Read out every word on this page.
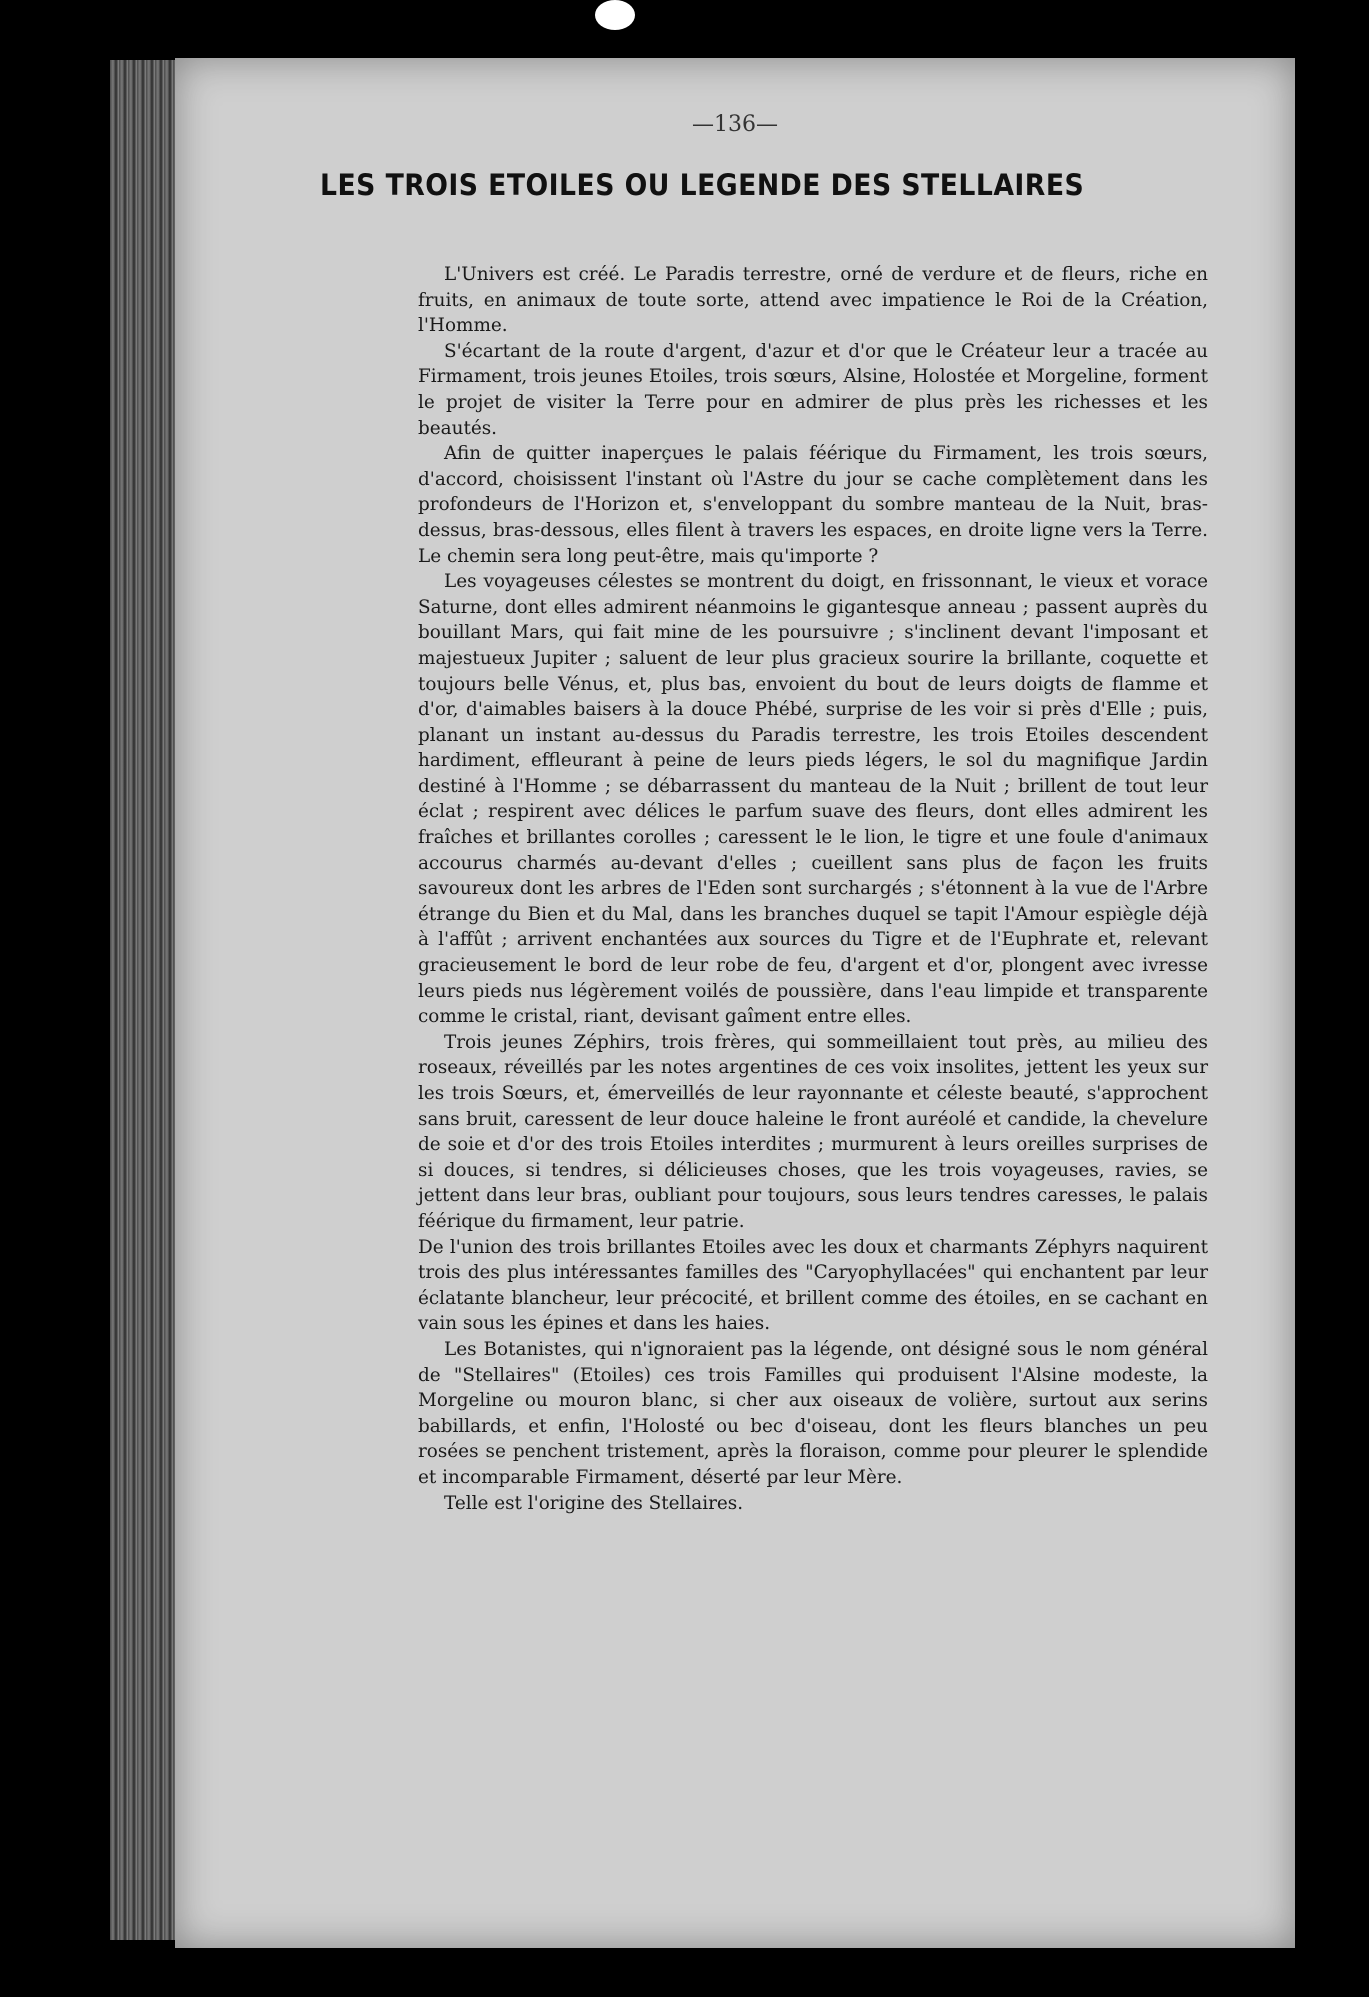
—136—
LES TROIS ETOILES OU LEGENDE DES STELLAIRES

L'Univers est créé. Le Paradis terrestre, orné de verdure et de fleurs, riche en fruits, en animaux de toute sorte, attend avec impatience le Roi de la Création, l'Homme.

S'écartant de la route d'argent, d'azur et d'or que le Créateur leur a tracée au Firmament, trois jeunes Etoiles, trois sœurs, Alsine, Holostée et Morgeline, forment le projet de visiter la Terre pour en admirer de plus près les richesses et les beautés.

Afin de quitter inaperçues le palais féérique du Firmament, les trois sœurs, d'accord, choisissent l'instant où l'Astre du jour se cache complètement dans les profondeurs de l'Horizon et, s'enveloppant du sombre manteau de la Nuit, bras-dessus, bras-dessous, elles filent à travers les espaces, en droite ligne vers la Terre. Le chemin sera long peut-être, mais qu'importe ?

Les voyageuses célestes se montrent du doigt, en frissonnant, le vieux et vorace Saturne, dont elles admirent néanmoins le gigantesque anneau ; passent auprès du bouillant Mars, qui fait mine de les poursuivre ; s'inclinent devant l'imposant et majestueux Jupiter ; saluent de leur plus gracieux sourire la brillante, coquette et toujours belle Vénus, et, plus bas, envoient du bout de leurs doigts de flamme et d'or, d'aimables baisers à la douce Phébé, surprise de les voir si près d'Elle ; puis, planant un instant au-dessus du Paradis terrestre, les trois Etoiles descendent hardiment, effleurant à peine de leurs pieds légers, le sol du magnifique Jardin destiné à l'Homme ; se débarrassent du manteau de la Nuit ; brillent de tout leur éclat ; respirent avec délices le parfum suave des fleurs, dont elles admirent les fraîches et brillantes corolles ; caressent le le lion, le tigre et une foule d'animaux accourus charmés au-devant d'elles ; cueillent sans plus de façon les fruits savoureux dont les arbres de l'Eden sont surchargés ; s'étonnent à la vue de l'Arbre étrange du Bien et du Mal, dans les branches duquel se tapit l'Amour espiègle déjà à l'affût ; arrivent enchantées aux sources du Tigre et de l'Euphrate et, relevant gracieusement le bord de leur robe de feu, d'argent et d'or, plongent avec ivresse leurs pieds nus légèrement voilés de poussière, dans l'eau limpide et transparente comme le cristal, riant, devisant gaîment entre elles.

Trois jeunes Zéphirs, trois frères, qui sommeillaient tout près, au milieu des roseaux, réveillés par les notes argentines de ces voix insolites, jettent les yeux sur les trois Sœurs, et, émerveillés de leur rayonnante et céleste beauté, s'approchent sans bruit, caressent de leur douce haleine le front auréolé et candide, la chevelure de soie et d'or des trois Etoiles interdites ; murmurent à leurs oreilles surprises de si douces, si tendres, si délicieuses choses, que les trois voyageuses, ravies, se jettent dans leur bras, oubliant pour toujours, sous leurs tendres caresses, le palais féérique du firmament, leur patrie.

De l'union des trois brillantes Etoiles avec les doux et charmants Zéphyrs naquirent trois des plus intéressantes familles des "Caryophyllacées" qui enchantent par leur éclatante blancheur, leur précocité, et brillent comme des étoiles, en se cachant en vain sous les épines et dans les haies.

Les Botanistes, qui n'ignoraient pas la légende, ont désigné sous le nom général de "Stellaires" (Etoiles) ces trois Familles qui produisent l'Alsine modeste, la Morgeline ou mouron blanc, si cher aux oiseaux de volière, surtout aux serins babillards, et enfin, l'Holosté ou bec d'oiseau, dont les fleurs blanches un peu rosées se penchent tristement, après la floraison, comme pour pleurer le splendide et incomparable Firmament, déserté par leur Mère.

Telle est l'origine des Stellaires.
